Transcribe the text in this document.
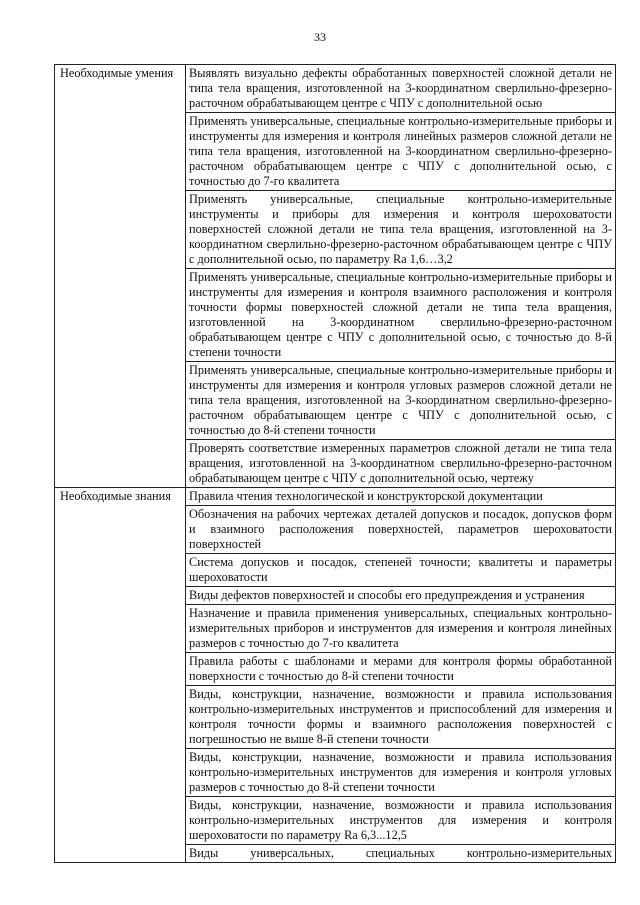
33
Необходимые умения	Выявлять визуально дефекты обработанных поверхностей сложной детали не типа тела вращения, изготовленной на 3-координатном сверлильно-фрезерно-расточном обрабатывающем центре с ЧПУ с дополнительной осью
	Применять универсальные, специальные контрольно-измерительные приборы и инструменты для измерения и контроля линейных размеров сложной детали не типа тела вращения, изготовленной на 3-координатном сверлильно-фрезерно-расточном обрабатывающем центре с ЧПУ с дополнительной осью, с точностью до 7-го квалитета
	Применять универсальные, специальные контрольно-измерительные инструменты и приборы для измерения и контроля шероховатости поверхностей сложной детали не типа тела вращения, изготовленной на 3-координатном сверлильно-фрезерно-расточном обрабатывающем центре с ЧПУ с дополнительной осью, по параметру Ra 1,6…3,2
	Применять универсальные, специальные контрольно-измерительные приборы и инструменты для измерения и контроля взаимного расположения и контроля точности формы поверхностей сложной детали не типа тела вращения, изготовленной на 3-координатном сверлильно-фрезерно-расточном обрабатывающем центре с ЧПУ с дополнительной осью, с точностью до 8-й степени точности
	Применять универсальные, специальные контрольно-измерительные приборы и инструменты для измерения и контроля угловых размеров сложной детали не типа тела вращения, изготовленной на 3-координатном сверлильно-фрезерно-расточном обрабатывающем центре с ЧПУ с дополнительной осью, с точностью до 8-й степени точности
	Проверять соответствие измеренных параметров сложной детали не типа тела вращения, изготовленной на 3-координатном сверлильно-фрезерно-расточном обрабатывающем центре с ЧПУ с дополнительной осью, чертежу
Необходимые знания	Правила чтения технологической и конструкторской документации
	Обозначения на рабочих чертежах деталей допусков и посадок, допусков форм и взаимного расположения поверхностей, параметров шероховатости поверхностей
	Система допусков и посадок, степеней точности; квалитеты и параметры шероховатости
	Виды дефектов поверхностей и способы его предупреждения и устранения
	Назначение и правила применения универсальных, специальных контрольно-измерительных приборов и инструментов для измерения и контроля линейных размеров с точностью до 7-го квалитета
	Правила работы с шаблонами и мерами для контроля формы обработанной поверхности с точностью до 8-й степени точности
	Виды, конструкции, назначение, возможности и правила использования контрольно-измерительных инструментов и приспособлений для измерения и контроля точности формы и взаимного расположения поверхностей с погрешностью не выше 8-й степени точности
	Виды, конструкции, назначение, возможности и правила использования контрольно-измерительных инструментов для измерения и контроля угловых размеров с точностью до 8-й степени точности
	Виды, конструкции, назначение, возможности и правила использования контрольно-измерительных инструментов для измерения и контроля шероховатости по параметру Ra 6,3...12,5
	Виды универсальных, специальных контрольно-измерительных
